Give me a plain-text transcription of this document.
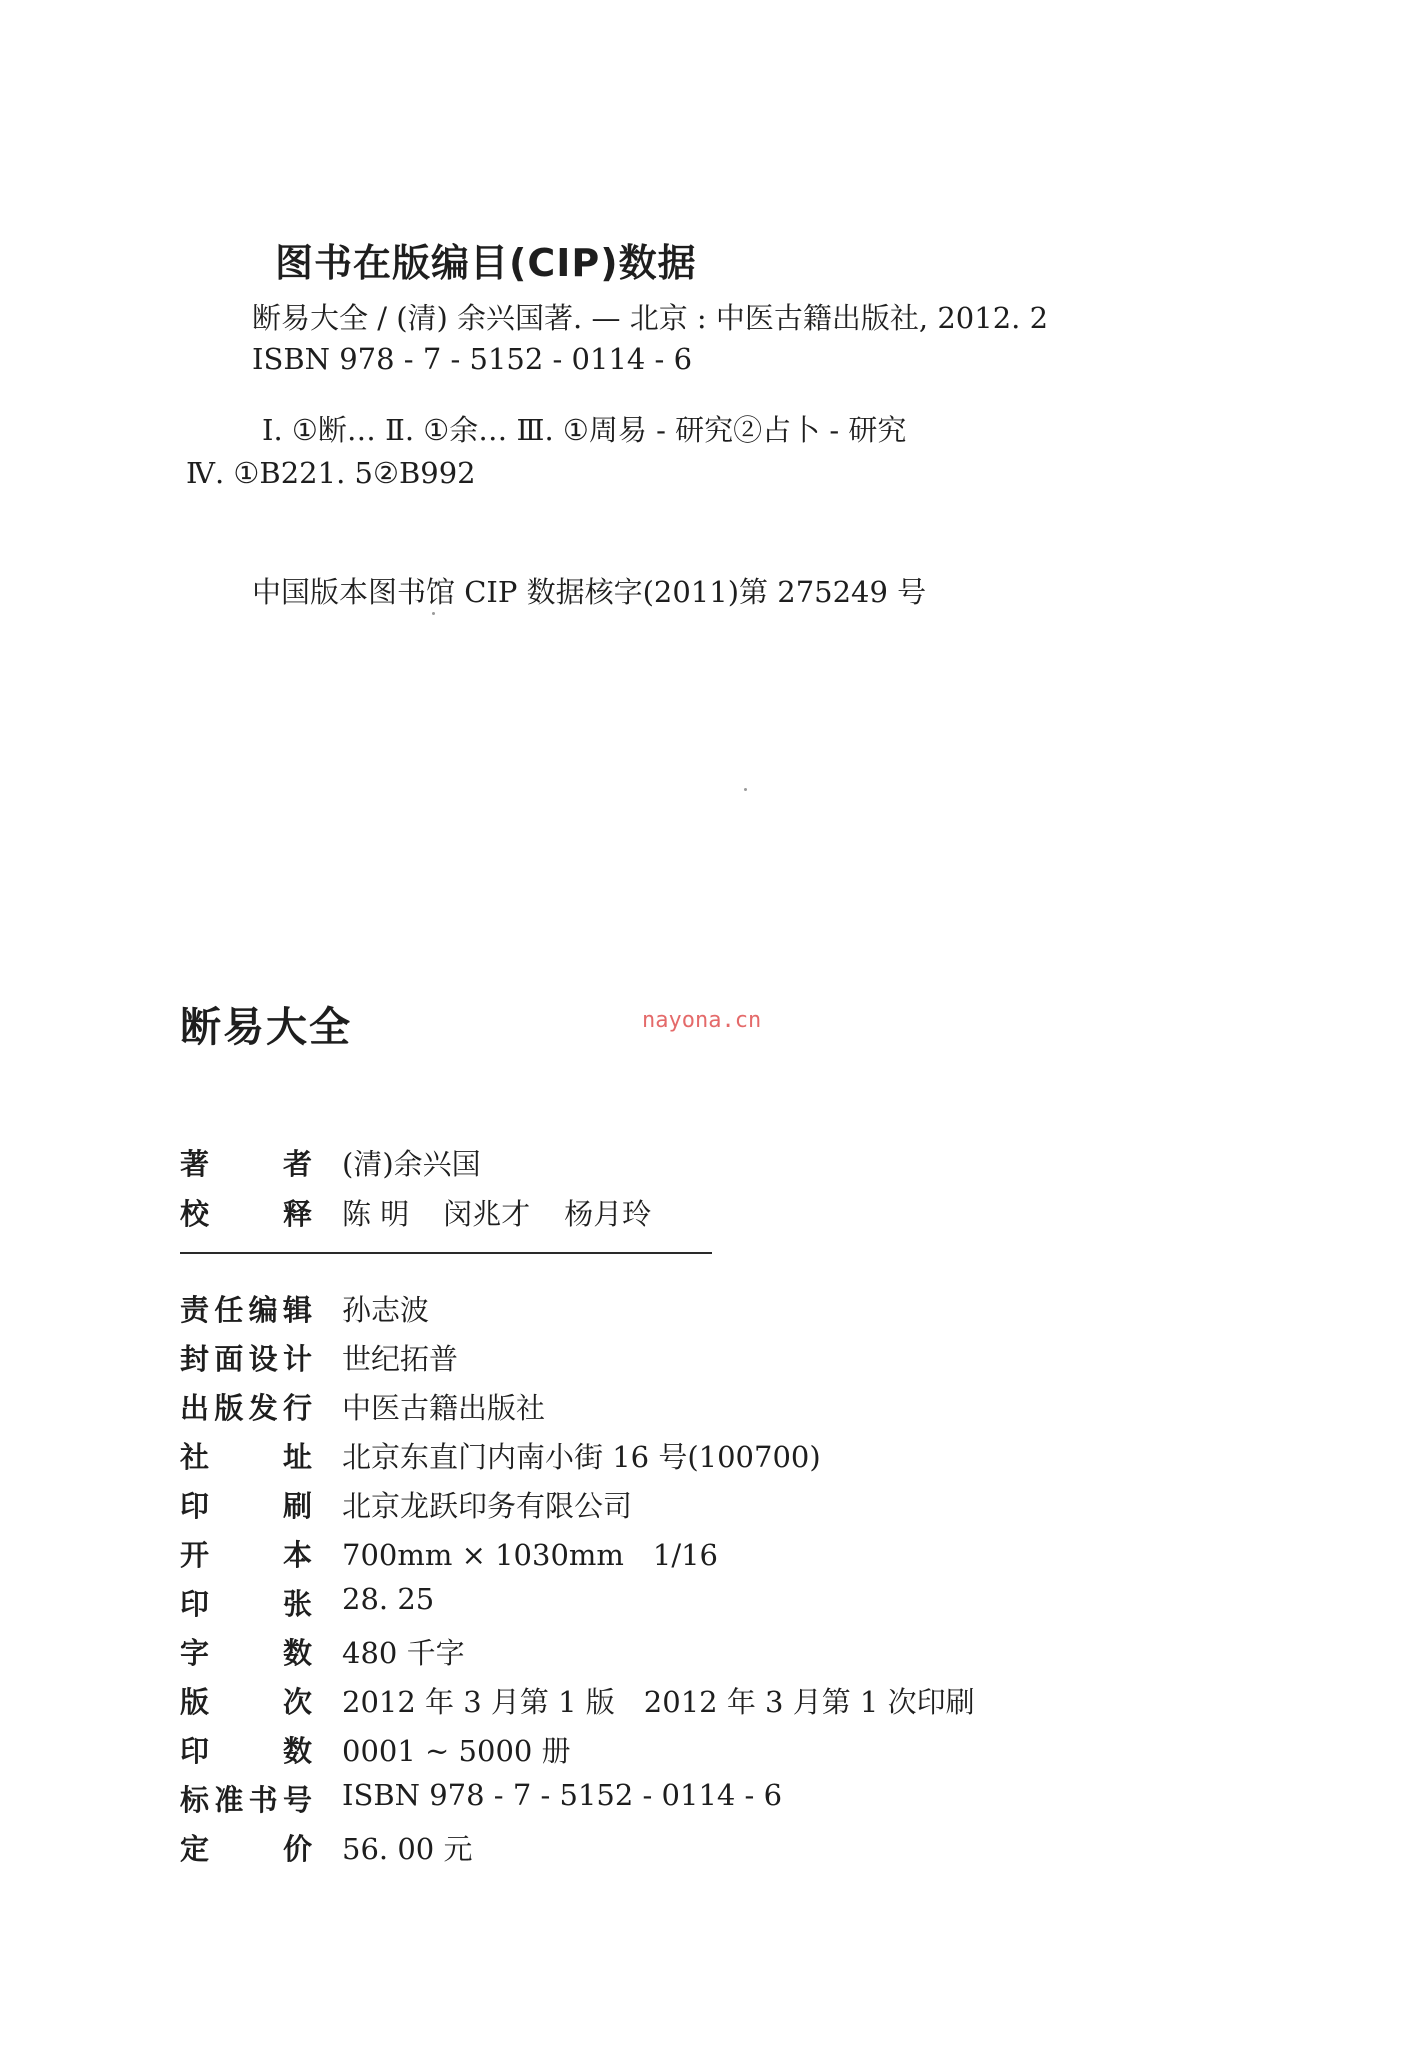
图书在版编目(CIP)数据
断易大全 / (清) 余兴国著. — 北京 : 中医古籍出版社, 2012. 2
ISBN 978 - 7 - 5152 - 0114 - 6
Ⅰ. ①断… Ⅱ. ①余… Ⅲ. ①周易 - 研究②占卜 - 研究
Ⅳ. ①B221. 5②B992
中国版本图书馆 CIP 数据核字(2011)第 275249 号
断易大全	nayona.cn
著者 (清)余兴国
校释 陈 明 闵兆才 杨月玲
责任编辑 孙志波
封面设计 世纪拓普
出版发行 中医古籍出版社
社址 北京东直门内南小街 16 号(100700)
印刷 北京龙跃印务有限公司
开本 700mm × 1030mm　1/16
印张 28. 25
字数 480 千字
版次 2012 年 3 月第 1 版　2012 年 3 月第 1 次印刷
印数 0001 ~ 5000 册
标准书号 ISBN 978 - 7 - 5152 - 0114 - 6
定价 56. 00 元
